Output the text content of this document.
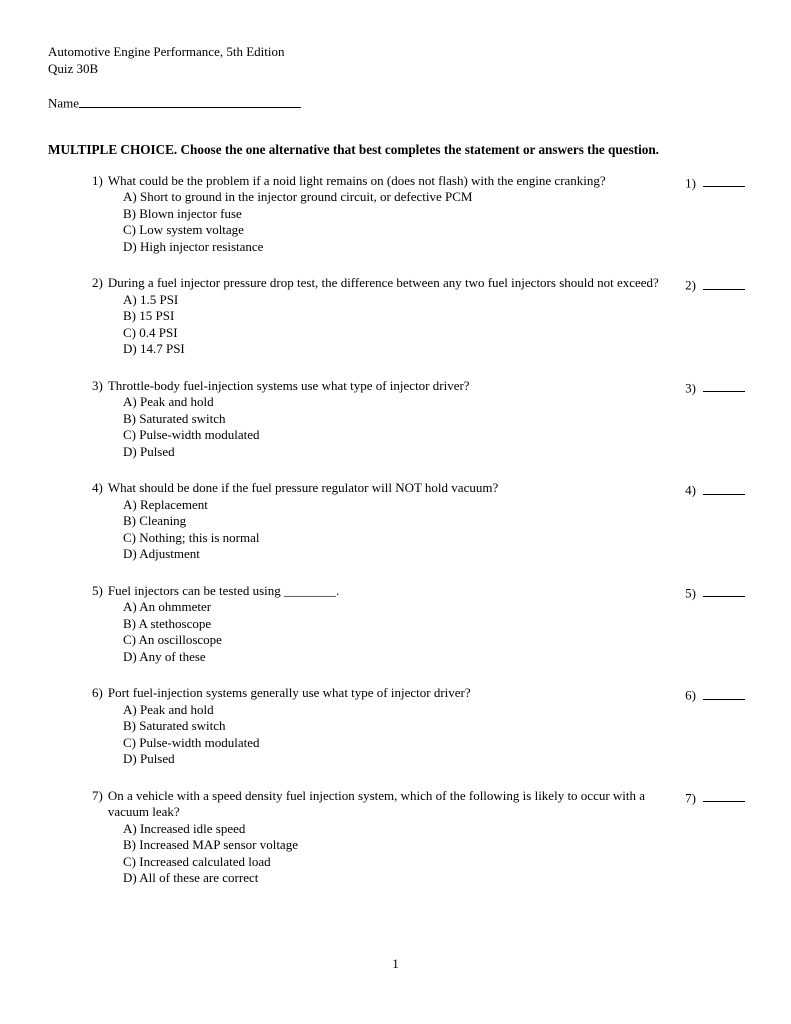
Automotive Engine Performance, 5th Edition
Quiz 30B
Name
MULTIPLE CHOICE. Choose the one alternative that best completes the statement or answers the question.
1) What could be the problem if a noid light remains on (does not flash) with the engine cranking?
A) Short to ground in the injector ground circuit, or defective PCM
B) Blown injector fuse
C) Low system voltage
D) High injector resistance
1)
2) During a fuel injector pressure drop test, the difference between any two fuel injectors should not exceed?
A) 1.5 PSI
B) 15 PSI
C) 0.4 PSI
D) 14.7 PSI
2)
3) Throttle-body fuel-injection systems use what type of injector driver?
A) Peak and hold
B) Saturated switch
C) Pulse-width modulated
D) Pulsed
3)
4) What should be done if the fuel pressure regulator will NOT hold vacuum?
A) Replacement
B) Cleaning
C) Nothing; this is normal
D) Adjustment
4)
5) Fuel injectors can be tested using ________.
A) An ohmmeter
B) A stethoscope
C) An oscilloscope
D) Any of these
5)
6) Port fuel-injection systems generally use what type of injector driver?
A) Peak and hold
B) Saturated switch
C) Pulse-width modulated
D) Pulsed
6)
7) On a vehicle with a speed density fuel injection system, which of the following is likely to occur with a vacuum leak?
A) Increased idle speed
B) Increased MAP sensor voltage
C) Increased calculated load
D) All of these are correct
7)
1
